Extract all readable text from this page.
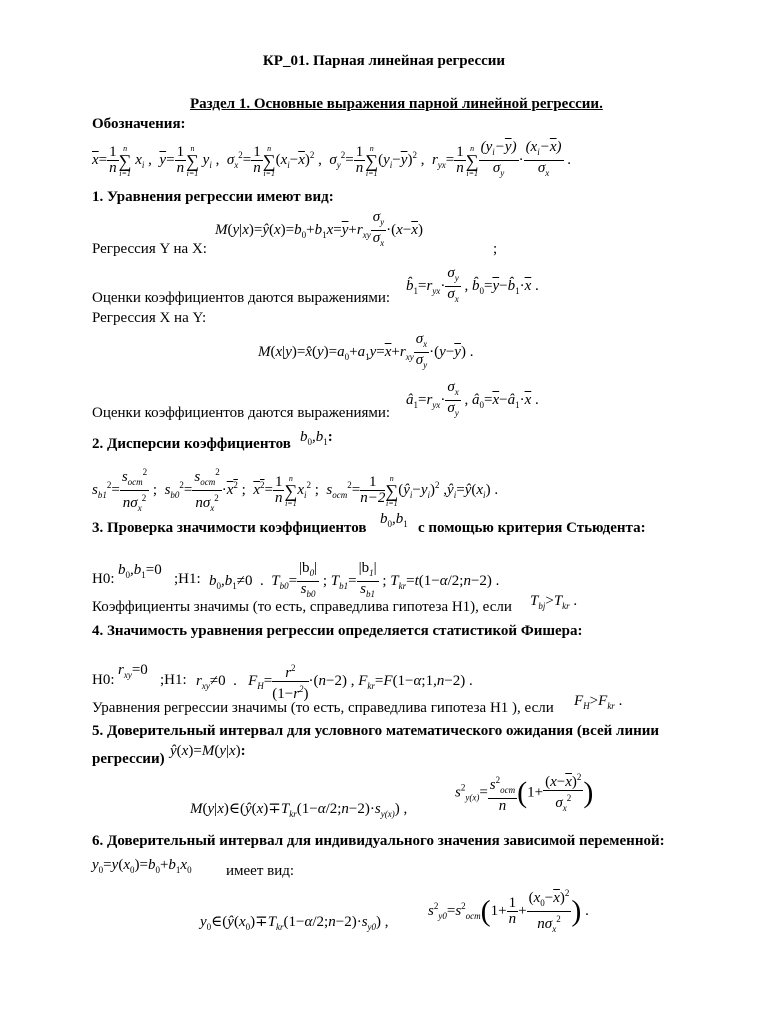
КР_01. Парная линейная регрессии
Раздел 1. Основные выражения парной линейной регрессии.
Обозначения:
$\overline{x}= \frac{1}{n}$ n
∑
i=1 $x_i$ , $\overline{y}= \frac{1}{n}$ n
∑
i=1 $y_i$ ,  $\sigma_x^2= \frac{1}{n}$ n
∑
$i=1(x_i-\overline{x})^2$ ,  $\sigma_y^2= \frac{1}{n}$ n
∑
$i=1(y_i-\overline{y})^2$ ,  $r_{yx}= \frac{1}{n}$ n
∑
$i=1 \frac{(y_i-\overline{y})}{\sigma_y} \cdot \frac{(x_i-\overline{x})}{\sigma_x}$ .
1. Уравнения регрессии имеют вид:
$M(y|x)=ŷ(x)=b_0+b_1x=\overline{y}+r_{xy} \frac{\sigma_y}{\sigma_x} \cdot(x-\overline{x})$
Регрессия Y на X:	;
$b̂_1=r_{yx}\cdot \frac{\sigma_y}{\sigma_x}$ , $b̂_0=\overline{y}-b̂_1\cdot\overline{x}$ .
Оценки коэффициентов даются выражениями:
Регрессия X на Y:
$M(x|y)=x̂(y)=a_0+a_1y=\overline{x}+r_{xy} \frac{\sigma_x}{\sigma_y} \cdot(y-\overline{y})$ .
$â_1=r_{yx}\cdot \frac{\sigma_x}{\sigma_y}$ , $â_0=\overline{x}-â_1\cdot\overline{x}$ .
Оценки коэффициентов даются выражениями:
2. Дисперсии коэффициентов $b_0,b_1$:
$s_{b1}^2=$
$s_{ост}^2$
$n\sigma_x^2$
;  $s_{b0}^2=$
$s_{ост}^2$
$n\sigma_x^2$
$\cdot x^2$ ; $x^2= \frac{1}{n}$ n
∑
$i=1x_i^2$ ;  $s_{ост}^2= \frac{1}{n-2}$ n
∑
$i=1(ŷ_i-y_i)^2$ $,ŷ_i=ŷ(x_i)$ .
3. Проверка значимости коэффициентов
$b_0,b_1$ с помощью критерия Стьюдента:
Н0:
$b_0,b_1=0$
;Н1: $b_0,b_1\ne 0$ .  $T_{b0}= \frac{|b_0|}{s_{b0}}$ ; $T_{b1}= \frac{|b_1|}{s_{b1}}$ ; $T_{kr}=t(1-\alpha/2;n-2)$ .
Коэффициенты значимы (то есть, справедлива гипотеза Н1), если $T_{bj}>T_{kr}$ .
4. Значимость уравнения регрессии определяется статистикой Фишера:
Н0:
$r_{xy}=0$
;Н1: $r_{xy}\ne 0$ .   $F_H= \frac{r^2}{(1-r^2)} \cdot(n-2)$ , $F_{kr}=F(1-\alpha;1,n-2)$ .
Уравнения регрессии значимы (то есть, справедлива гипотеза Н1 ), если $F_H>F_{kr}$ .
5. Доверительный интервал для условного математического ожидания (всей линии
регрессии) ŷ(x)=M(y|x):
$s^2_{y(x)}= s^2_{ост}$
n ($1+ \frac{(x-\overline{x})^2}{\sigma_x^2}$ )
$M(y|x)\in(ŷ(x)\mp T_{kr}(1-\alpha/2;n-2)\cdot s_{y(x)})$ ,
6. Доверительный интервал для индивидуального значения зависимой переменной:
$y_0=y(x_0)=b_0+b_1x_0$ имеет вид:
$s^2_{y0}=s^2_{ост}(1+ \frac{1}{n}$ +
$(x_0-\overline{x})^2$
$n\sigma_x^2$ ) .
$y_0\in(ŷ(x_0)\mp T_{kr}(1-\alpha/2;n-2)\cdot s_{y0})$ ,
